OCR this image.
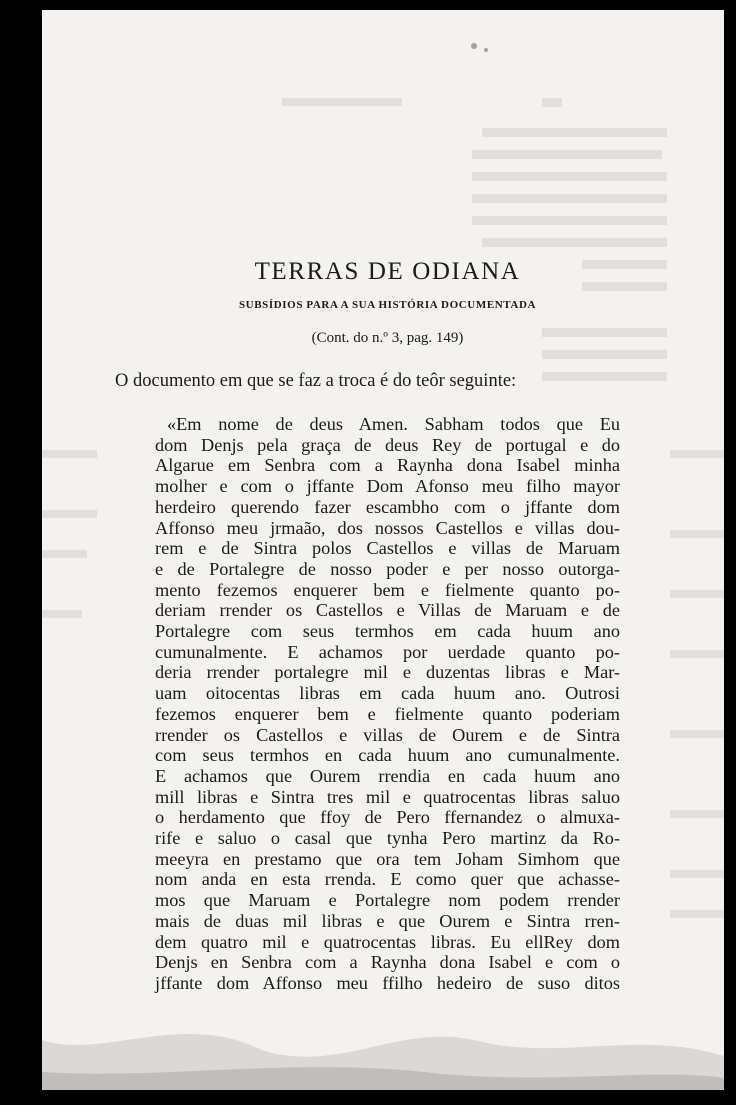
TERRAS DE ODIANA
SUBSÍDIOS PARA A SUA HISTÓRIA DOCUMENTADA
(Cont. do n.º 3, pag. 149)
O documento em que se faz a troca é do teôr seguinte:
«Em nome de deus Amen. Sabham todos que Eu
dom Denjs pela graça de deus Rey de portugal e do
Algarue em Senbra com a Raynha dona Isabel minha
molher e com o jffante Dom Afonso meu filho mayor
herdeiro querendo fazer escambho com o jffante dom
Affonso meu jrmaão, dos nossos Castellos e villas dou-
rem e de Sintra polos Castellos e villas de Maruam
e de Portalegre de nosso poder e per nosso outorga-
mento fezemos enquerer bem e fielmente quanto po-
deriam rrender os Castellos e Villas de Maruam e de
Portalegre com seus termhos em cada huum ano
cumunalmente. E achamos por uerdade quanto po-
deria rrender portalegre mil e duzentas libras e Mar-
uam oitocentas libras em cada huum ano. Outrosi
fezemos enquerer bem e fielmente quanto poderiam
rrender os Castellos e villas de Ourem e de Sintra
com seus termhos en cada huum ano cumunalmente.
E achamos que Ourem rrendia en cada huum ano
mill libras e Sintra tres mil e quatrocentas libras saluo
o herdamento que ffoy de Pero ffernandez o almuxa-
rife e saluo o casal que tynha Pero martinz da Ro-
meeyra en prestamo que ora tem Joham Simhom que
nom anda en esta rrenda. E como quer que achasse-
mos que Maruam e Portalegre nom podem rrender
mais de duas mil libras e que Ourem e Sintra rren-
dem quatro mil e quatrocentas libras. Eu ellRey dom
Denjs en Senbra com a Raynha dona Isabel e com o
jffante dom Affonso meu ffilho hedeiro de suso ditos
